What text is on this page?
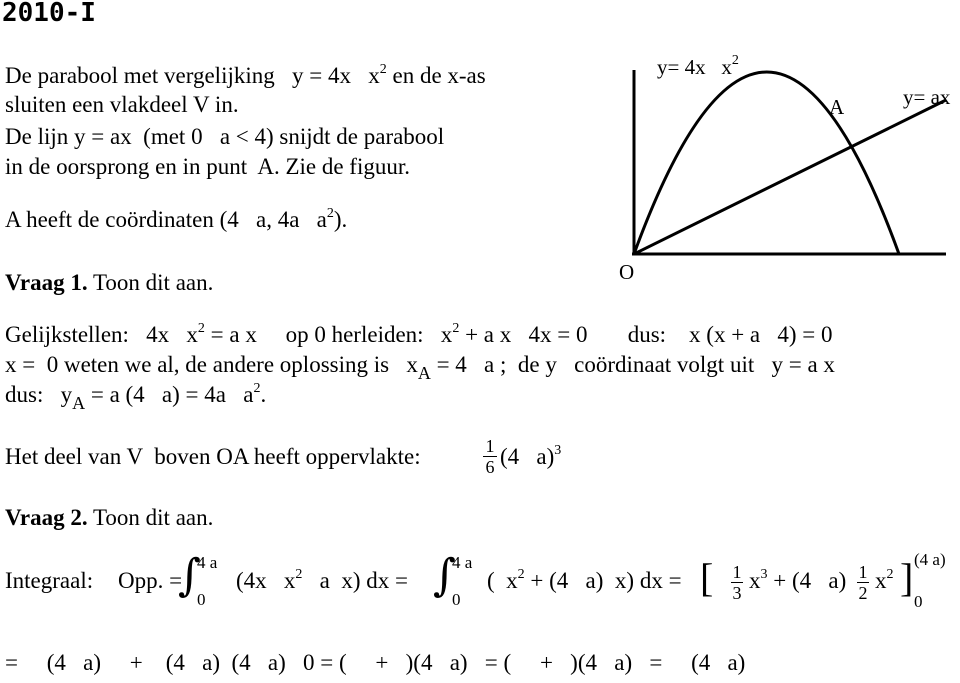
2010-I
De parabool met vergelijking y = 4x   $x^2$ en de x-as
sluiten een vlakdeel V in.
De lijn y = ax  (met 0   a < 4) snijdt de parabool
in de oorsprong en in punt  A. Zie de figuur.
A heeft de coördinaten (4   a, 4a   $a^2$).
Vraag 1. Toon dit aan.
y= 4x   $x^2$
A	y= ax
O
Gelijkstellen:   4x   $x^2 = a$ x     op 0 herleiden:   $x^2 + a$ x   4x = 0       dus:    x (x + a   4) = 0
x =  0 weten we al, de andere oplossing is   $x_A = 4$   a ;  de y   coördinaat volgt uit   y = a x
dus:   $y_A = a$ (4   a) = 4a   $a^2$.
Het deel van V  boven OA heeft oppervlakte:	1
6 (4   a)$^3$
Vraag 2. Toon dit aan.
Integraal: Opp. =
∫
4 a
0
(4x   $x^2$   a  x) dx = ∫
4 a
0
(  $x^2 + (4$   a)  x) dx = [ 1
3 $x^3 + (4$   a) 1
2 $x^2$ ] (4 a)
0
=     (4   a)     +    (4   a)  (4   a)   0 = (     +   )(4   a)   = (     +   )(4   a)   =     (4   a)
